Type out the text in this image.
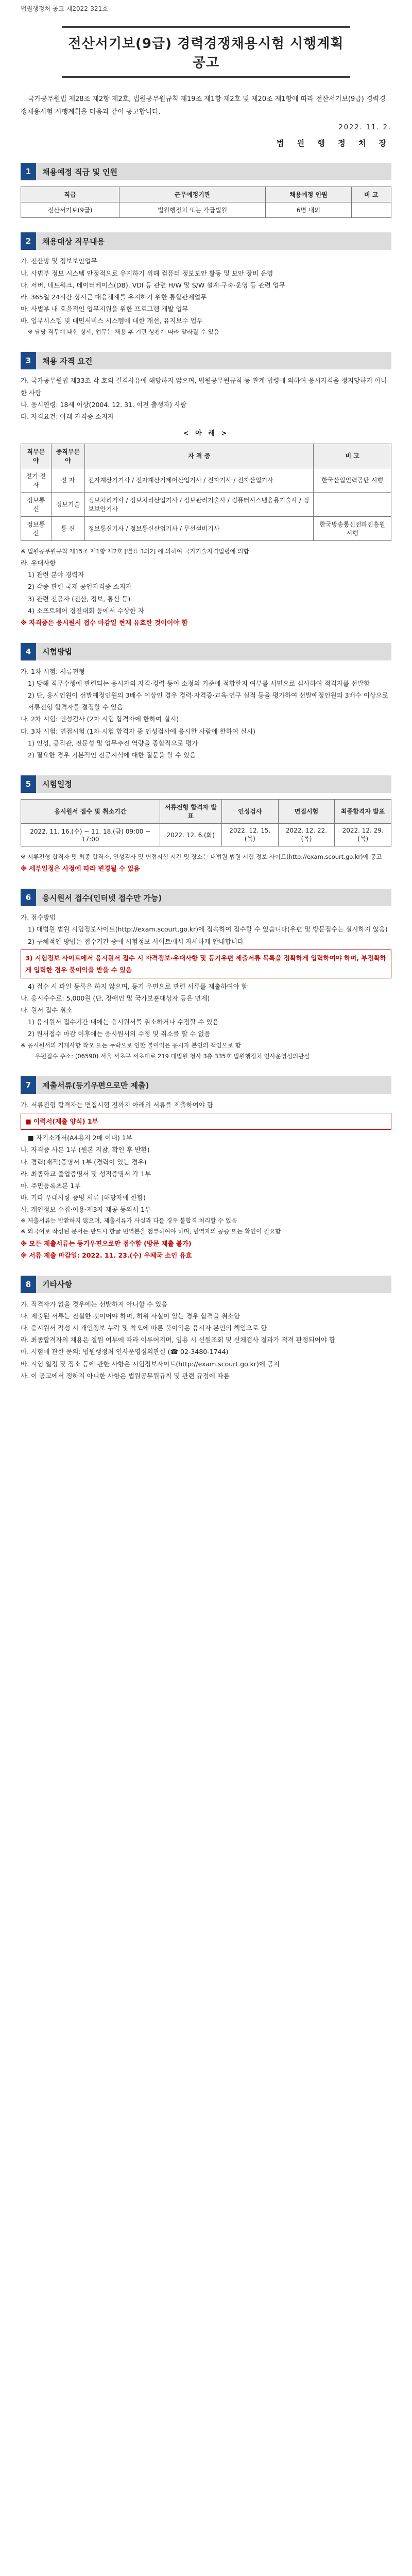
법원행정처 공고 제2022-321호
전산서기보(9급) 경력경쟁채용시험 시행계획 공고
국가공무원법 제28조 제2항 제2호, 법원공무원규칙 제19조 제1항 제2호 및 제20조 제1항에 따라 전산서기보(9급) 경력경쟁채용시험 시행계획을 다음과 같이 공고합니다.
2022. 11. 2.
법 원 행 정 처 장
1	채용예정 직급 및 인원
직급	근무예정기관	채용예정 인원	비 고
전산서기보(9급)	법원행정처 또는 각급법원	6명 내외	
2	채용대상 직무내용

가. 전산망 및 정보보안업무

나. 사법부 정보 시스템 안정적으로 유지하기 위해 컴퓨터 정보보안 활동 및 보안 장비 운영

다. 서버, 네트워크, 데이터베이스(DB), VDI 등 관련 H/W 및 S/W 설계·구축·운영 등 관련 업무

라. 365일 24시간 상시근 대응체계를 유지하기 위한 통합관제업무

마. 사법부 내 효율적인 업무지원을 위한 프로그램 개발 업무

바. 업무시스템 및 대민서비스 시스템에 대한 개선, 유지보수 업무

※ 담당 직무에 대한 상세, 업무는 채용 후 기관 상황에 따라 달라질 수 있음

3	채용 자격 요건

가. 국가공무원법 제33조 각 호의 결격사유에 해당하지 않으며, 법원공무원규칙 등 관계 법령에 의하여 응시자격을 정지당하지 아니한 사람

나. 응시연령: 18세 이상(2004. 12. 31. 이전 출생자) 사람

다. 자격요건: 아래 자격증 소지자

< 아 래 >
직무분야	중직무분야	자 격 증	비 고
전기·전자	전 자	전자계산기기사 / 전자계산기제어산업기사 / 전자기사 / 전자산업기사	한국산업인력공단 시행
정보통신	정보기술	정보처리기사 / 정보처리산업기사 / 정보관리기술사 / 컴퓨터시스템응용기술사 / 정보보안기사	
정보통신	통 신	정보통신기사 / 정보통신산업기사 / 무선설비기사	한국방송통신전파진흥원 시행

※ 법원공무원규칙 제15조 제1항 제2호 [별표 3의2] 에 의하여 국가기술자격법령에 의함

라. 우대사항

1) 관련 분야 경력자

2) 각종 관련 국제 공인자격증 소지자

3) 관련 전공자 (전산, 정보, 통신 등)

4) 소프트웨어 경진대회 등에서 수상한 자

※ 자격증은 응시원서 접수 마감일 현재 유효한 것이어야 함

4	시험방법

가. 1차 시험: 서류전형

1) 당해 직무수행에 관련되는 응시자의 자격·경력 등이 소정의 기준에 적합한지 여부를 서면으로 심사하여 적격자를 선발함

2) 단, 응시인원이 선발예정인원의 3배수 이상인 경우 경력·자격증·교육·연구 실적 등을 평가하여 선발예정인원의 3배수 이상으로 서류전형 합격자를 결정할 수 있음

나. 2차 시험: 인성검사 (2차 시험 합격자에 한하여 실시)

다. 3차 시험: 면접시험 (1차 시험 합격자 중 인성검사에 응시한 사람에 한하여 실시)

1) 인성, 공직관, 전문성 및 업무추진 역량을 종합적으로 평가

2) 필요한 경우 기본적인 전공지식에 대한 질문을 할 수 있음

5	시험일정
응시원서 접수 및 취소기간	서류전형 합격자 발표	인성검사	면접시험	최종합격자 발표
2022. 11. 16.(수) ~ 11. 18.(금) 09:00 ~ 17:00	2022. 12. 6.(화)	2022. 12. 15.(목)	2022. 12. 22.(목)	2022. 12. 29.(목)

※ 서류전형 합격자 및 최종 합격자, 인성검사 및 면접시험 시간 및 장소는 대법원 법원 시험 정보 사이트(http://exam.scourt.go.kr)에 공고

※ 세부일정은 사정에 따라 변경될 수 있음

6	응시원서 접수(인터넷 접수만 가능)

가. 접수방법

1) 대법원 법원 시험정보사이트(http://exam.scourt.go.kr)에 접속하여 접수할 수 있습니다(우편 및 방문접수는 실시하지 않음)

2) 구체적인 방법은 접수기간 중에 시험정보 사이트에서 자세하게 안내합니다

3) 시험정보 사이트에서 응시원서 접수 시 자격정보·우대사항 및 등기우편 제출서류 목록을 정확하게 입력하여야 하며, 부정확하게 입력한 경우 불이익을 받을 수 있음

4) 접수 시 파일 등록은 하지 않으며, 등기 우편으로 관련 서류를 제출하여야 함

나. 응시수수료: 5,000원 (단, 장애인 및 국가보훈대상자 등은 면제)

다. 원서 접수 취소

1) 응시원서 접수기간 내에는 응시원서를 취소하거나 수정할 수 있음

2) 원서접수 마감 이후에는 응시원서의 수정 및 취소를 할 수 없음

※ 응시원서의 기재사항 착오 또는 누락으로 인한 불이익은 응시자 본인의 책임으로 함

우편접수 주소: (06590) 서울 서초구 서초대로 219 대법원 청사 3층 335호 법원행정처 인사운영심의관실

7	제출서류(등기우편으로만 제출)

가. 서류전형 합격자는 면접시험 전까지 아래의 서류를 제출하여야 함

■ 이력서(제출 양식) 1부

■ 자기소개서(A4용지 2매 이내) 1부

나. 자격증 사본 1부 (원본 지참, 확인 후 반환)

다. 경력(재직)증명서 1부 (경력이 있는 경우)

라. 최종학교 졸업증명서 및 성적증명서 각 1부

마. 주민등록초본 1부

바. 기타 우대사항 증빙 서류 (해당자에 한함)

사. 개인정보 수집·이용·제3자 제공 동의서 1부

※ 제출서류는 반환하지 않으며, 제출서류가 사실과 다를 경우 불합격 처리할 수 있음

※ 외국어로 작성된 문서는 반드시 한글 번역본을 첨부하여야 하며, 번역자의 공증 또는 확인이 필요함

※ 모든 제출서류는 등기우편으로만 접수함 (방문 제출 불가)

※ 서류 제출 마감일: 2022. 11. 23.(수) 우체국 소인 유효

8	기타사항

가. 적격자가 없을 경우에는 선발하지 아니할 수 있음

나. 제출된 서류는 진실한 것이어야 하며, 허위 사실이 있는 경우 합격을 취소함

다. 응시원서 작성 시 개인정보 누락 및 착오에 따른 불이익은 응시자 본인의 책임으로 함

라. 최종합격자의 채용은 결원 여부에 따라 이루어지며, 임용 시 신원조회 및 신체검사 결과가 적격 판정되어야 함

마. 시험에 관한 문의: 법원행정처 인사운영심의관실 (☎ 02-3480-1744)

바. 시험 일정 및 장소 등에 관한 사항은 시험정보사이트(http://exam.scourt.go.kr)에 공지

사. 이 공고에서 정하지 아니한 사항은 법원공무원규칙 및 관련 규정에 따름
